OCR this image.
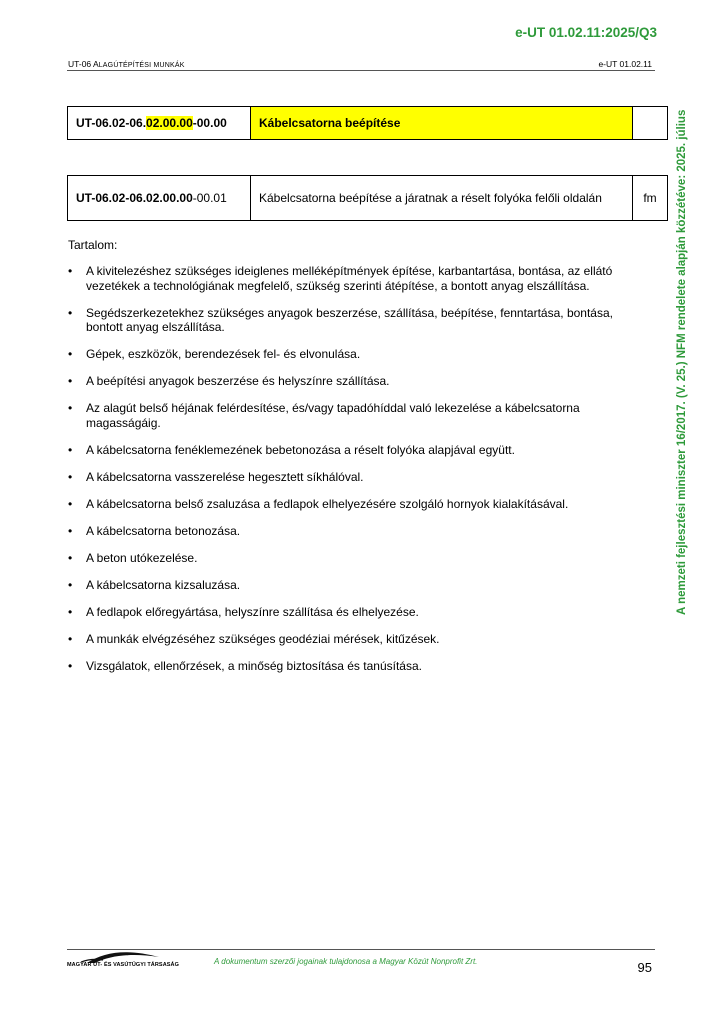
e-UT 01.02.11:2025/Q3
UT-06 ALAGÚTÉPÍTÉSI MUNKÁK	e-UT 01.02.11
UT-06.02-06.02.00.00-00.00	Kábelcsatorna beépítése	
UT-06.02-06.02.00.00-00.01	Kábelcsatorna beépítése a járatnak a réselt folyóka felőli oldalán	fm
Tartalom:
• A kivitelezéshez szükséges ideiglenes melléképítmények építése, karbantartása, bontása, az ellátó vezetékek a technológiának megfelelő, szükség szerinti átépítése, a bontott anyag elszállítása.
• Segédszerkezetekhez szükséges anyagok beszerzése, szállítása, beépítése, fenntartása, bontása, bontott anyag elszállítása.
• Gépek, eszközök, berendezések fel- és elvonulása.
• A beépítési anyagok beszerzése és helyszínre szállítása.
• Az alagút belső héjának felérdesítése, és/vagy tapadóhíddal való lekezelése a kábelcsatorna magasságáig.
• A kábelcsatorna fenéklemezének bebetonozása a réselt folyóka alapjával együtt.
• A kábelcsatorna vasszerelése hegesztett síkhálóval.
• A kábelcsatorna belső zsaluzása a fedlapok elhelyezésére szolgáló hornyok kialakításával.
• A kábelcsatorna betonozása.
• A beton utókezelése.
• A kábelcsatorna kizsaluzása.
• A fedlapok előregyártása, helyszínre szállítása és elhelyezése.
• A munkák elvégzéséhez szükséges geodéziai mérések, kitűzések.
• Vizsgálatok, ellenőrzések, a minőség biztosítása és tanúsítása.
A nemzeti fejlesztési miniszter 16/2017. (V. 25.) NFM rendelete alapján közzétéve: 2025. július
MAGYAR ÚT- ÉS VASÚTÜGYI TÁRSASÁG	A dokumentum szerzői jogainak tulajdonosa a Magyar Közút Nonprofit Zrt.	95
